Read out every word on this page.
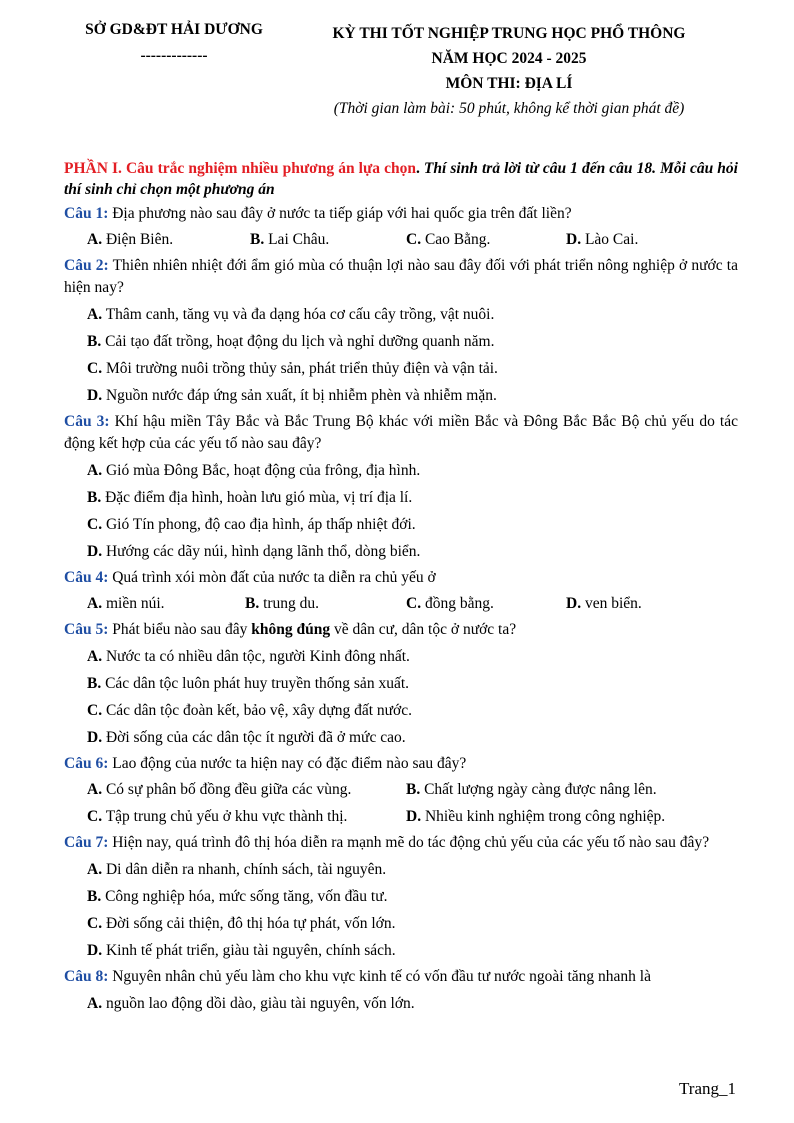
SỞ GD&ĐT HẢI DƯƠNG
-------------
KỲ THI TỐT NGHIỆP TRUNG HỌC PHỔ THÔNG
NĂM HỌC 2024 - 2025
MÔN THI: ĐỊA LÍ
(Thời gian làm bài: 50 phút, không kể thời gian phát đề)
PHẦN I. Câu trắc nghiệm nhiều phương án lựa chọn. Thí sinh trả lời từ câu 1 đến câu 18. Mỗi câu hỏi thí sinh chỉ chọn một phương án
Câu 1: Địa phương nào sau đây ở nước ta tiếp giáp với hai quốc gia trên đất liền?
A. Điện Biên.	B. Lai Châu.	C. Cao Bằng.	D. Lào Cai.
Câu 2: Thiên nhiên nhiệt đới ẩm gió mùa có thuận lợi nào sau đây đối với phát triển nông nghiệp ở nước ta hiện nay?
A. Thâm canh, tăng vụ và đa dạng hóa cơ cấu cây trồng, vật nuôi.
B. Cải tạo đất trồng, hoạt động du lịch và nghỉ dưỡng quanh năm.
C. Môi trường nuôi trồng thủy sản, phát triển thủy điện và vận tải.
D. Nguồn nước đáp ứng sản xuất, ít bị nhiễm phèn và nhiễm mặn.
Câu 3: Khí hậu miền Tây Bắc và Bắc Trung Bộ khác với miền Bắc và Đông Bắc Bắc Bộ chủ yếu do tác động kết hợp của các yếu tố nào sau đây?
A. Gió mùa Đông Bắc, hoạt động của frông, địa hình.
B. Đặc điểm địa hình, hoàn lưu gió mùa, vị trí địa lí.
C. Gió Tín phong, độ cao địa hình, áp thấp nhiệt đới.
D. Hướng các dãy núi, hình dạng lãnh thổ, dòng biển.
Câu 4: Quá trình xói mòn đất của nước ta diễn ra chủ yếu ở
A. miền núi.	B. trung du.	C. đồng bằng.	D. ven biển.
Câu 5: Phát biểu nào sau đây không đúng về dân cư, dân tộc ở nước ta?
A. Nước ta có nhiều dân tộc, người Kinh đông nhất.
B. Các dân tộc luôn phát huy truyền thống sản xuất.
C. Các dân tộc đoàn kết, bảo vệ, xây dựng đất nước.
D. Đời sống của các dân tộc ít người đã ở mức cao.
Câu 6: Lao động của nước ta hiện nay có đặc điểm nào sau đây?
A. Có sự phân bố đồng đều giữa các vùng.	B. Chất lượng ngày càng được nâng lên.
C. Tập trung chủ yếu ở khu vực thành thị.	D. Nhiều kinh nghiệm trong công nghiệp.
Câu 7: Hiện nay, quá trình đô thị hóa diễn ra mạnh mẽ do tác động chủ yếu của các yếu tố nào sau đây?
A. Di dân diễn ra nhanh, chính sách, tài nguyên.
B. Công nghiệp hóa, mức sống tăng, vốn đầu tư.
C. Đời sống cải thiện, đô thị hóa tự phát, vốn lớn.
D. Kinh tế phát triển, giàu tài nguyên, chính sách.
Câu 8: Nguyên nhân chủ yếu làm cho khu vực kinh tế có vốn đầu tư nước ngoài tăng nhanh là
A. nguồn lao động dồi dào, giàu tài nguyên, vốn lớn.
Trang_1
